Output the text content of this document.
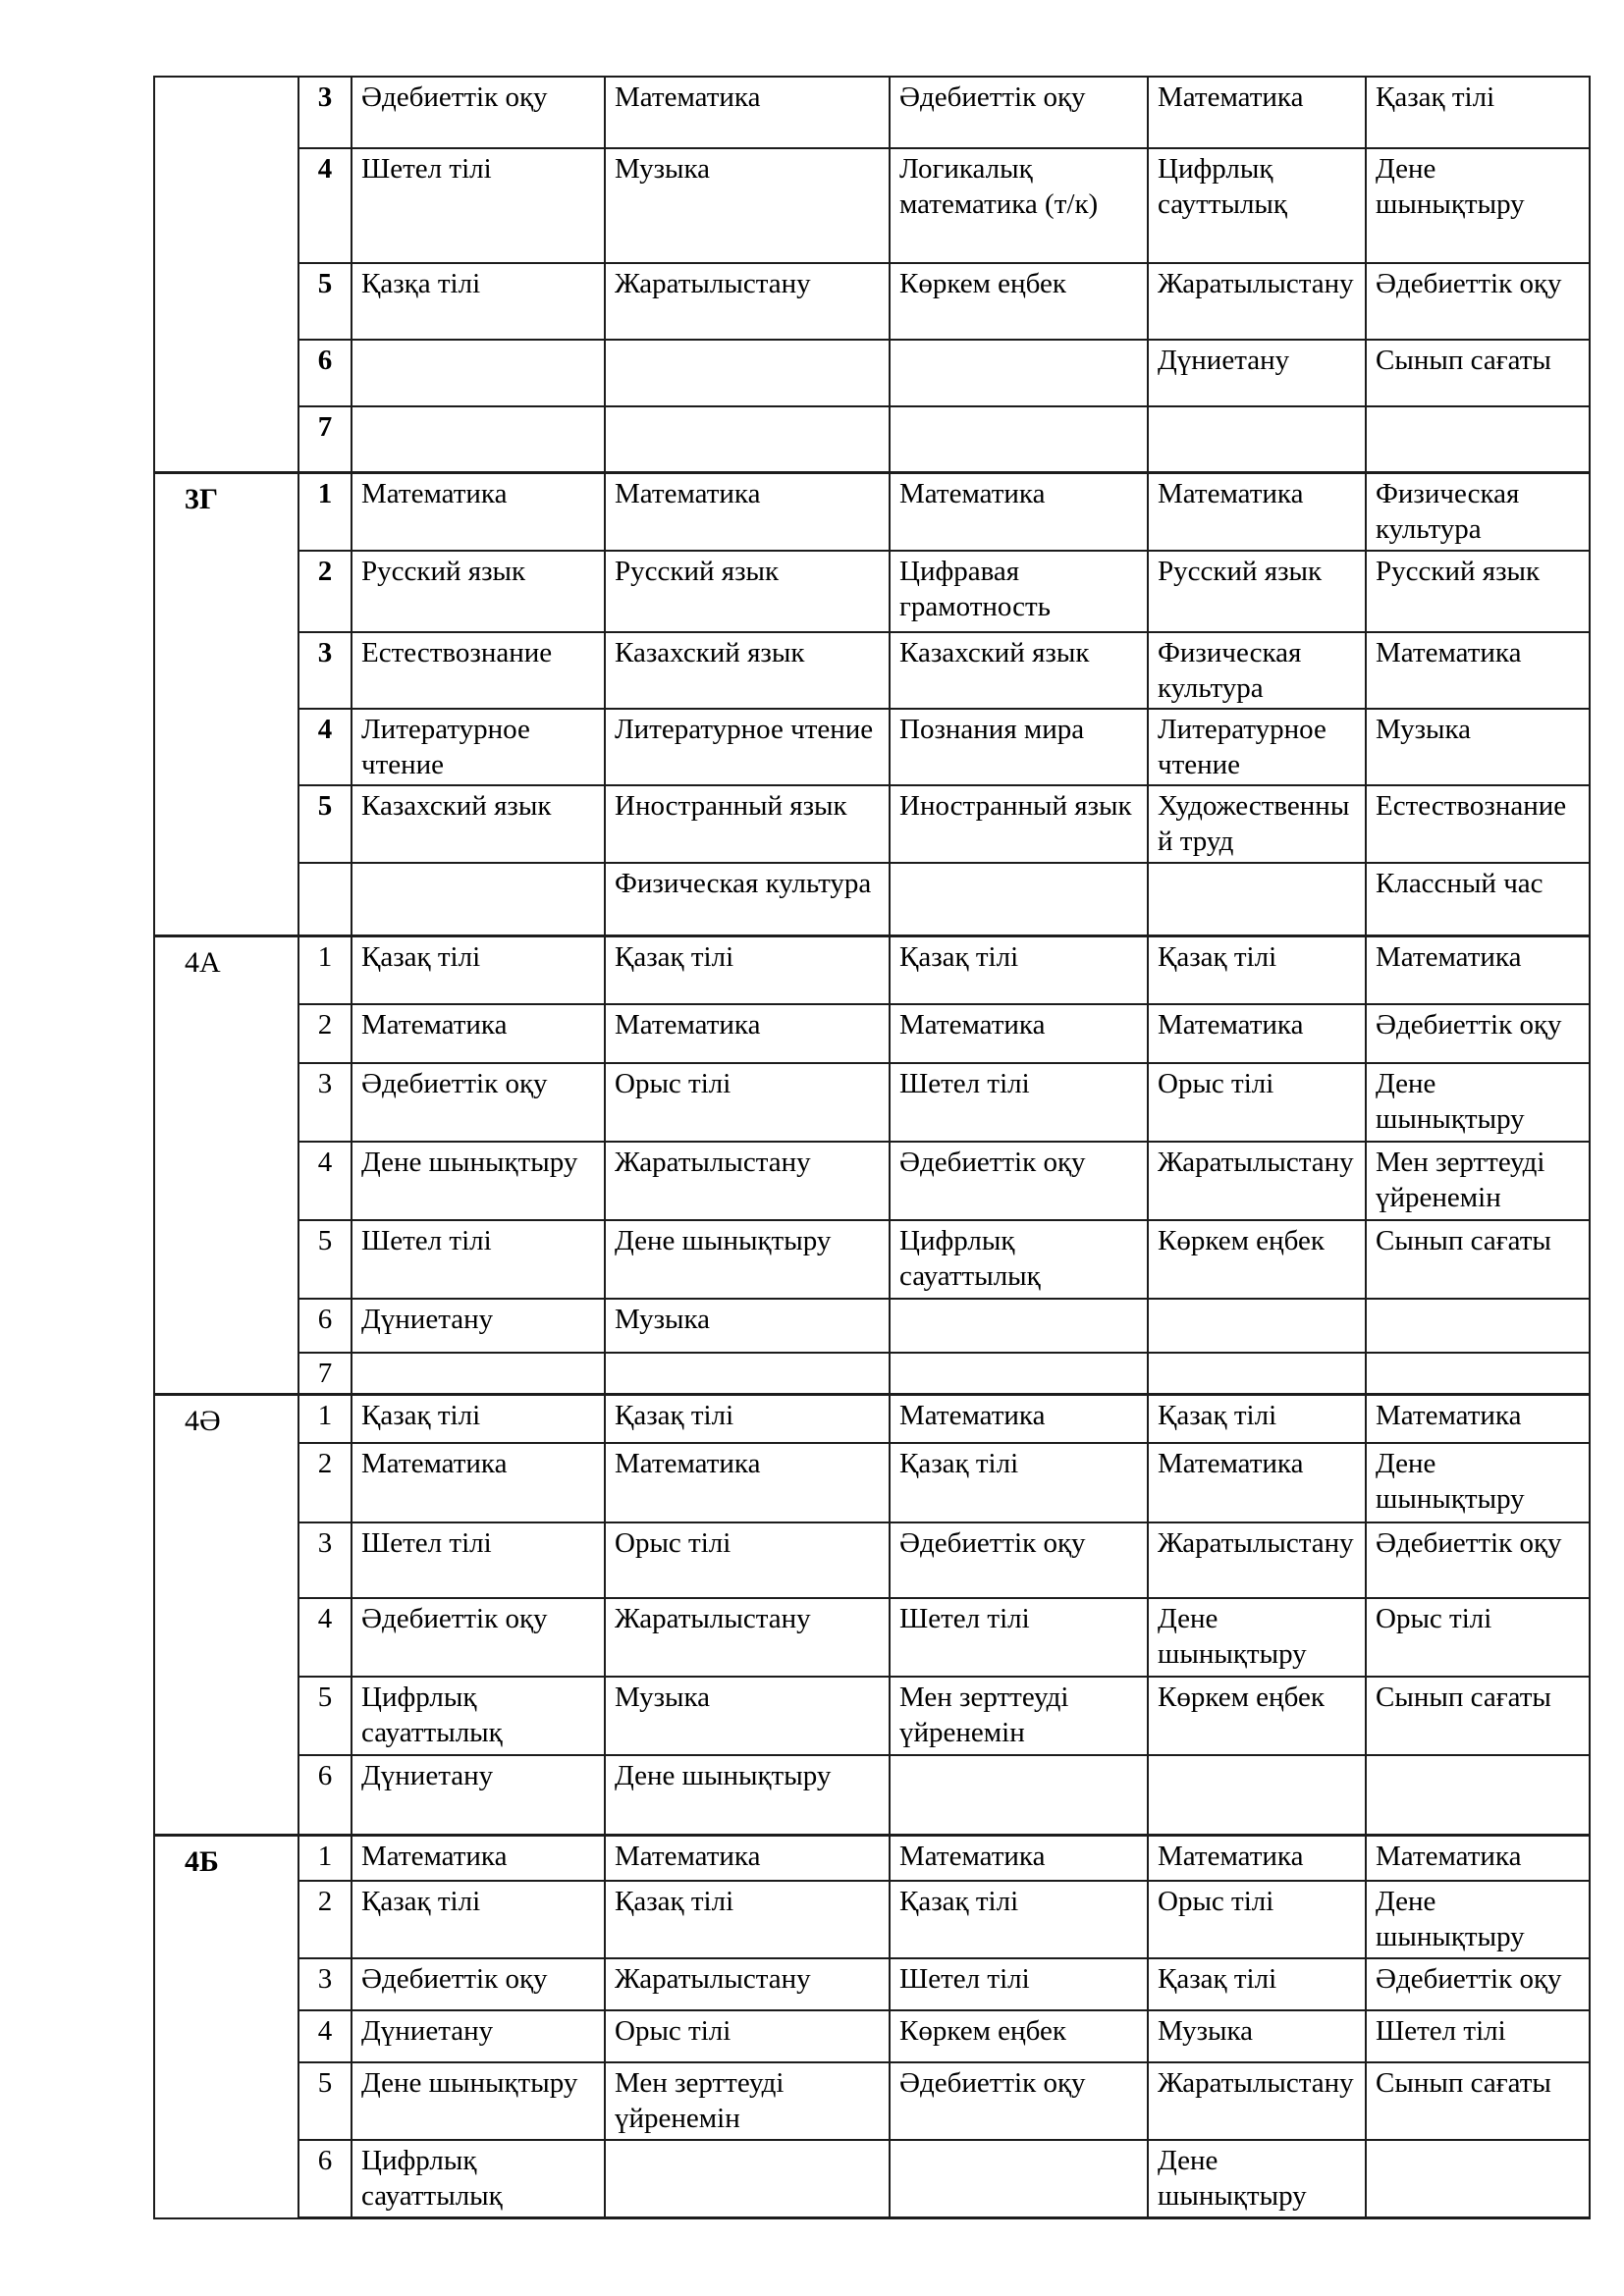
	3	Әдебиеттік оқу	Математика	Әдебиеттік оқу	Математика	Қазақ тілі
	4	Шетел тілі	Музыка	Логикалық математика (т/к)	Цифрлық сауттылық	Дене шынықтыру
	5	Қазқа тілі	Жаратылыстану	Көркем еңбек	Жаратылыстану	Әдебиеттік оқу
	6				Дүниетану	Сынып сағаты
	7					
3Г	1	Математика	Математика	Математика	Математика	Физическая культура
	2	Русский язык	Русский язык	Цифравая грамотность	Русский язык	Русский язык
	3	Естествознание	Казахский язык	Казахский язык	Физическая культура	Математика
	4	Литературное чтение	Литературное чтение	Познания мира	Литературное чтение	Музыка
	5	Казахский язык	Иностранный язык	Иностранный язык	Художественный труд	Естествознание
			Физическая культура			Классный час
4А	1	Қазақ тілі	Қазақ тілі	Қазақ тілі	Қазақ тілі	Математика
	2	Математика	Математика	Математика	Математика	Әдебиеттік оқу
	3	Әдебиеттік оқу	Орыс тілі	Шетел тілі	Орыс тілі	Дене шынықтыру
	4	Дене шынықтыру	Жаратылыстану	Әдебиеттік оқу	Жаратылыстану	Мен зерттеуді үйренемін
	5	Шетел тілі	Дене шынықтыру	Цифрлық сауаттылық	Көркем еңбек	Сынып сағаты
	6	Дүниетану	Музыка			
	7					
4Ә	1	Қазақ тілі	Қазақ тілі	Математика	Қазақ тілі	Математика
	2	Математика	Математика	Қазақ тілі	Математика	Дене шынықтыру
	3	Шетел тілі	Орыс тілі	Әдебиеттік оқу	Жаратылыстану	Әдебиеттік оқу
	4	Әдебиеттік оқу	Жаратылыстану	Шетел тілі	Дене шынықтыру	Орыс тілі
	5	Цифрлық сауаттылық	Музыка	Мен зерттеуді үйренемін	Көркем еңбек	Сынып сағаты
	6	Дүниетану	Дене шынықтыру			
4Б	1	Математика	Математика	Математика	Математика	Математика
	2	Қазақ тілі	Қазақ тілі	Қазақ тілі	Орыс тілі	Дене шынықтыру
	3	Әдебиеттік оқу	Жаратылыстану	Шетел тілі	Қазақ тілі	Әдебиеттік оқу
	4	Дүниетану	Орыс тілі	Көркем еңбек	Музыка	Шетел тілі
	5	Дене шынықтыру	Мен зерттеуді үйренемін	Әдебиеттік оқу	Жаратылыстану	Сынып сағаты
	6	Цифрлық сауаттылық			Дене шынықтыру	
